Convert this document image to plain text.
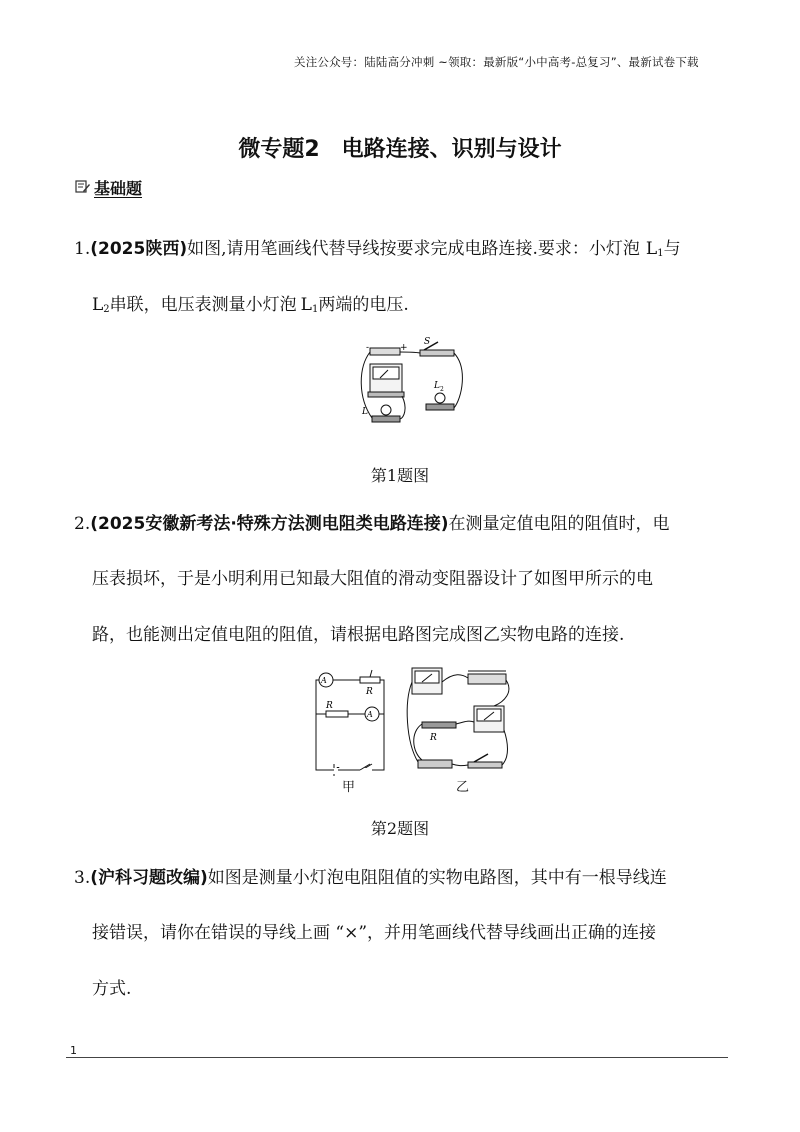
关注公众号：陆陆高分冲刺 ~领取：最新版“小中高考-总复习”、最新试卷下载
微专题2　电路连接、识别与设计
基础题
1.(2025陕西)如图,请用笔画线代替导线按要求完成电路连接.要求：小灯泡 $L_1$与
$L_2$串联，电压表测量小灯泡 $L_1$两端的电压.
-	+
S
L 2
L
第1题图
2.(2025安徽新考法·特殊方法测电阻类电路连接)在测量定值电阻的阻值时，电
压表损坏，于是小明利用已知最大阻值的滑动变阻器设计了如图甲所示的电
路，也能测出定值电阻的阻值，请根据电路图完成图乙实物电路的连接.
A
R
R
A
甲
R
乙
第2题图
3.(沪科习题改编)如图是测量小灯泡电阻阻值的实物电路图，其中有一根导线连
接错误，请你在错误的导线上画 “×”，并用笔画线代替导线画出正确的连接
方式.
1
